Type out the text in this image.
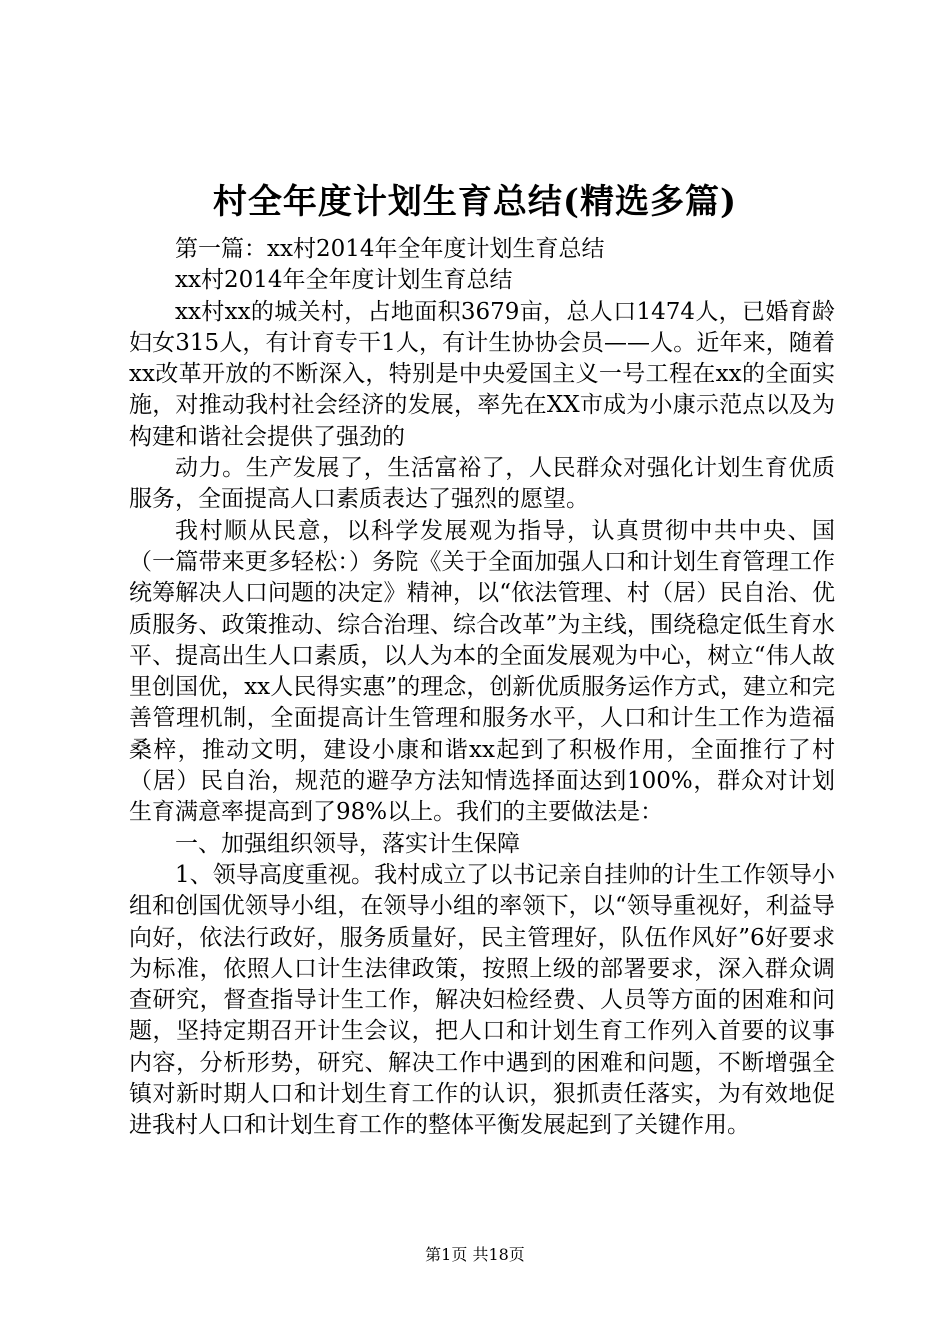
村全年度计划生育总结(精选多篇)

第一篇：xx村2014年全年度计划生育总结

xx村2014年全年度计划生育总结

xx村xx的城关村，占地面积3679亩，总人口1474人，已婚育龄妇女315人，有计育专干1人，有计生协协会员——人。近年来，随着xx改革开放的不断深入，特别是中央爱国主义一号工程在xx的全面实施，对推动我村社会经济的发展，率先在XX市成为小康示范点以及为构建和谐社会提供了强劲的

动力。生产发展了，生活富裕了，人民群众对强化计划生育优质服务，全面提高人口素质表达了强烈的愿望。

我村顺从民意，以科学发展观为指导，认真贯彻中共中央、国（一篇带来更多轻松：）务院《关于全面加强人口和计划生育管理工作统筹解决人口问题的决定》精神，以“依法管理、村（居）民自治、优质服务、政策推动、综合治理、综合改革”为主线，围绕稳定低生育水平、提高出生人口素质，以人为本的全面发展观为中心，树立“伟人故里创国优，xx人民得实惠”的理念，创新优质服务运作方式，建立和完善管理机制，全面提高计生管理和服务水平，人口和计生工作为造福桑梓，推动文明，建设小康和谐xx起到了积极作用，全面推行了村（居）民自治，规范的避孕方法知情选择面达到100%，群众对计划生育满意率提高到了98%以上。我们的主要做法是：

一、加强组织领导，落实计生保障

1、领导高度重视。我村成立了以书记亲自挂帅的计生工作领导小组和创国优领导小组，在领导小组的率领下，以“领导重视好，利益导向好，依法行政好，服务质量好，民主管理好，队伍作风好”6好要求为标准，依照人口计生法律政策，按照上级的部署要求，深入群众调查研究，督查指导计生工作，解决妇检经费、人员等方面的困难和问题，坚持定期召开计生会议，把人口和计划生育工作列入首要的议事内容，分析形势，研究、解决工作中遇到的困难和问题，不断增强全镇对新时期人口和计划生育工作的认识，狠抓责任落实，为有效地促进我村人口和计划生育工作的整体平衡发展起到了关键作用。

第1页 共18页
